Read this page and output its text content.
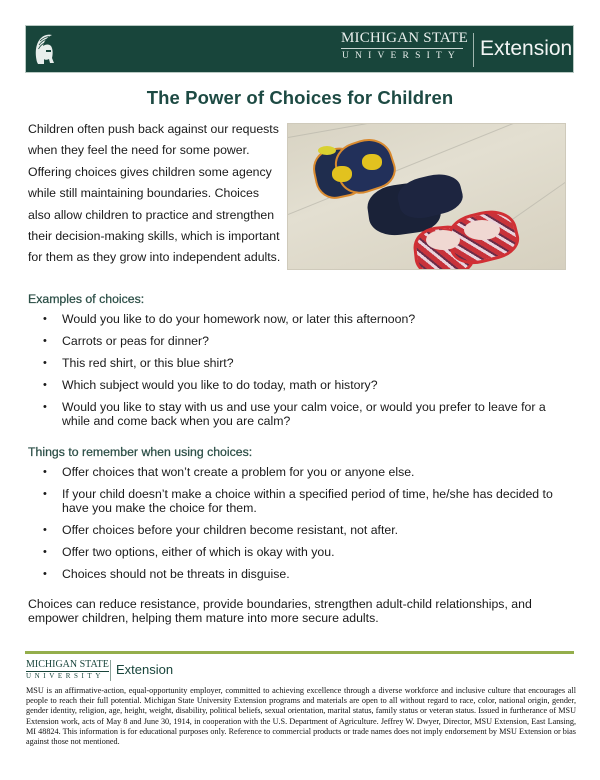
MICHIGAN STATE
UNIVERSITY Extension
The Power of Choices for Children

Children often push back against our requests when they feel the need for some power. Offering choices gives children some agency while still maintaining boundaries. Choices also allow children to practice and strengthen their decision-making skills, which is important for them as they grow into independent adults.

Examples of choices:
• Would you like to do your homework now, or later this afternoon?
• Carrots or peas for dinner?
• This red shirt, or this blue shirt?
• Which subject would you like to do today, math or history?
• Would you like to stay with us and use your calm voice, or would you prefer to leave for a while and come back when you are calm?
Things to remember when using choices:
• Offer choices that won’t create a problem for you or anyone else.
• If your child doesn’t make a choice within a specified period of time, he/she has decided to have you make the choice for them.
• Offer choices before your children become resistant, not after.
• Offer two options, either of which is okay with you.
• Choices should not be threats in disguise.

Choices can reduce resistance, provide boundaries, strengthen adult-child relationships, and empower children, helping them mature into more secure adults.

MICHIGAN STATE
UNIVERSITY Extension

MSU is an affirmative-action, equal-opportunity employer, committed to achieving excellence through a diverse workforce and inclusive culture that encourages all people to reach their full potential. Michigan State University Extension programs and materials are open to all without regard to race, color, national origin, gender, gender identity, religion, age, height, weight, disability, political beliefs, sexual orientation, marital status, family status or veteran status. Issued in furtherance of MSU Extension work, acts of May 8 and June 30, 1914, in cooperation with the U.S. Department of Agriculture. Jeffrey W. Dwyer, Director, MSU Extension, East Lansing, MI 48824. This information is for educational purposes only. Reference to commercial products or trade names does not imply endorsement by MSU Extension or bias against those not mentioned.
